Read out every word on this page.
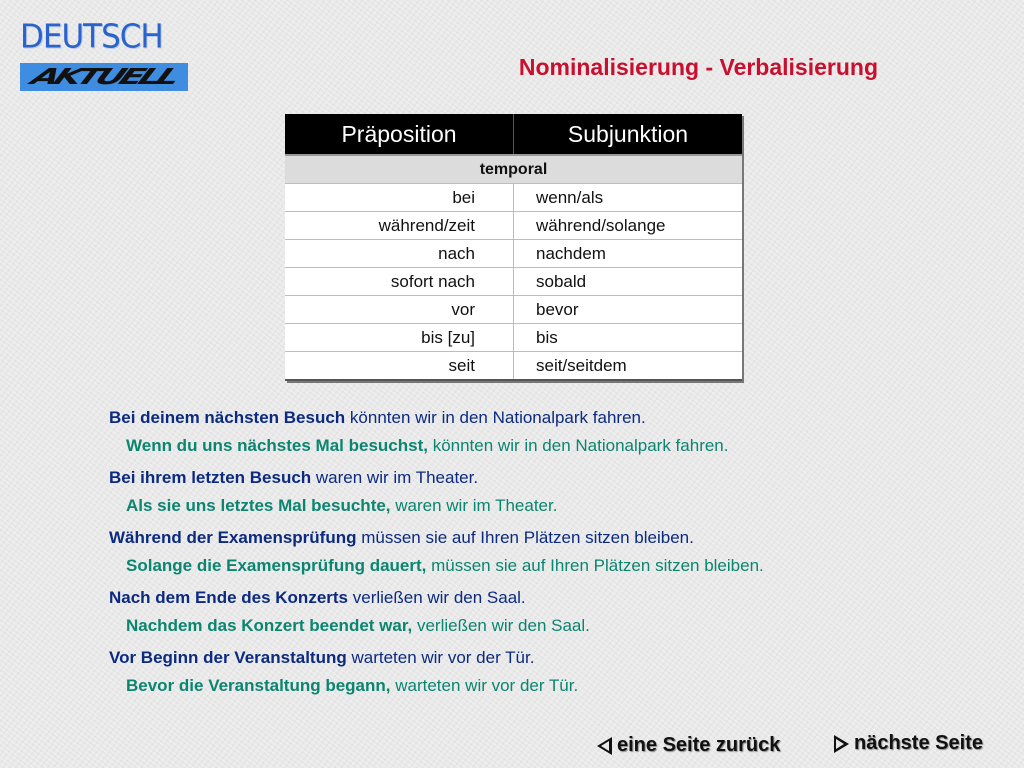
DEUTSCH
AKTUELL	Nominalisierung - Verbalisierung
Präposition	Subjunktion
temporal	
bei	wenn/als
während/zeit	während/solange
nach	nachdem
sofort nach	sobald
vor	bevor
bis [zu]	bis
seit	seit/seitdem

Bei deinem nächsten Besuch könnten wir in den Nationalpark fahren.

Wenn du uns nächstes Mal besuchst, könnten wir in den Nationalpark fahren.

Bei ihrem letzten Besuch waren wir im Theater.

Als sie uns letztes Mal besuchte, waren wir im Theater.

Während der Examensprüfung müssen sie auf Ihren Plätzen sitzen bleiben.

Solange die Examensprüfung dauert, müssen sie auf Ihren Plätzen sitzen bleiben.

Nach dem Ende des Konzerts verließen wir den Saal.

Nachdem das Konzert beendet war, verließen wir den Saal.

Vor Beginn der Veranstaltung warteten wir vor der Tür.

Bevor die Veranstaltung begann, warteten wir vor der Tür.

eine Seite zurück	nächste Seite
